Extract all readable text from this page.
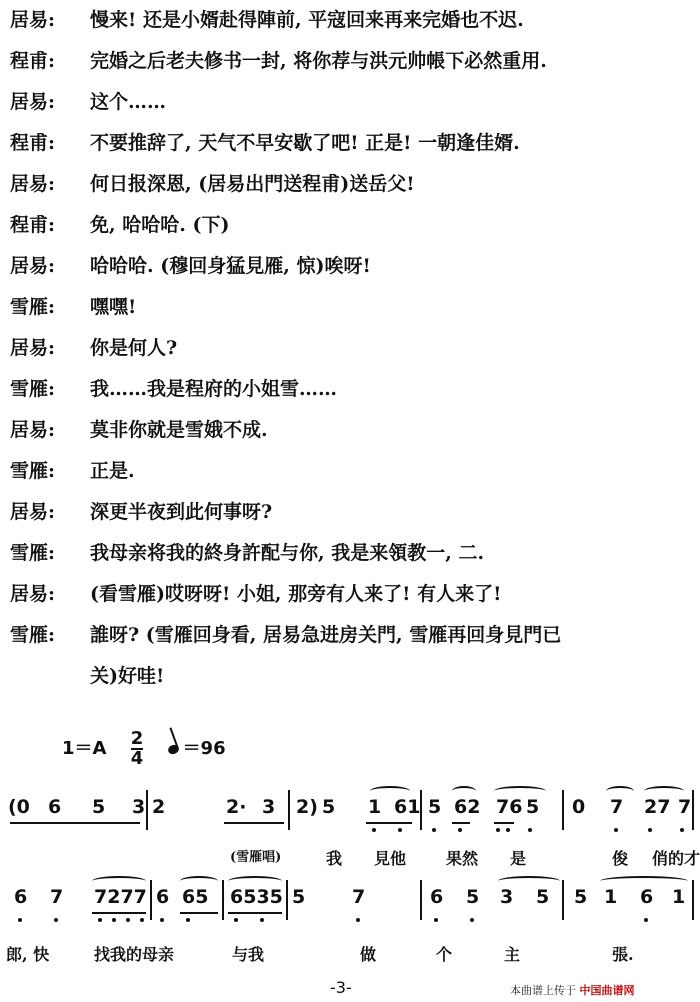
居易: 慢来! 还是小婿赴得陣前, 平寇回来再来完婚也不迟.
程甫: 完婚之后老夫修书一封, 将你荐与洪元帅帳下必然重用.
居易: 这个……
程甫: 不要推辞了, 天气不早安歇了吧! 正是! 一朝逢佳婿.
居易: 何日报深恩, (居易出門送程甫)送岳父!
程甫: 免, 哈哈哈. (下)
居易: 哈哈哈. (穆回身猛見雁, 惊)唉呀!
雪雁: 嘿嘿!
居易: 你是何人?
雪雁: 我……我是程府的小姐雪……
居易: 莫非你就是雪娥不成.
雪雁: 正是.
居易: 深更半夜到此何事呀?
雪雁: 我母亲将我的終身許配与你, 我是来領教一, 二.
居易: (看雪雁)哎呀呀! 小姐, 那旁有人来了! 有人来了!
雪雁: 誰呀? (雪雁回身看, 居易急进房关門, 雪雁再回身見門已
关)好哇!
$1=A \frac{2}{4} =96$
(0 6 5 3 2	2· 3 2) 5 1 61 5 62 76 5 0 7 27 7
(雪雁唱)	我 見他 果然 是	俊 俏的才
6 7 7277 6 65 6535 5 7	6 5 3 5 5 1 6 1
郎, 快	找我的母亲	与我	做	个	主	張.
-3-	本曲谱上传于 中国曲谱网
